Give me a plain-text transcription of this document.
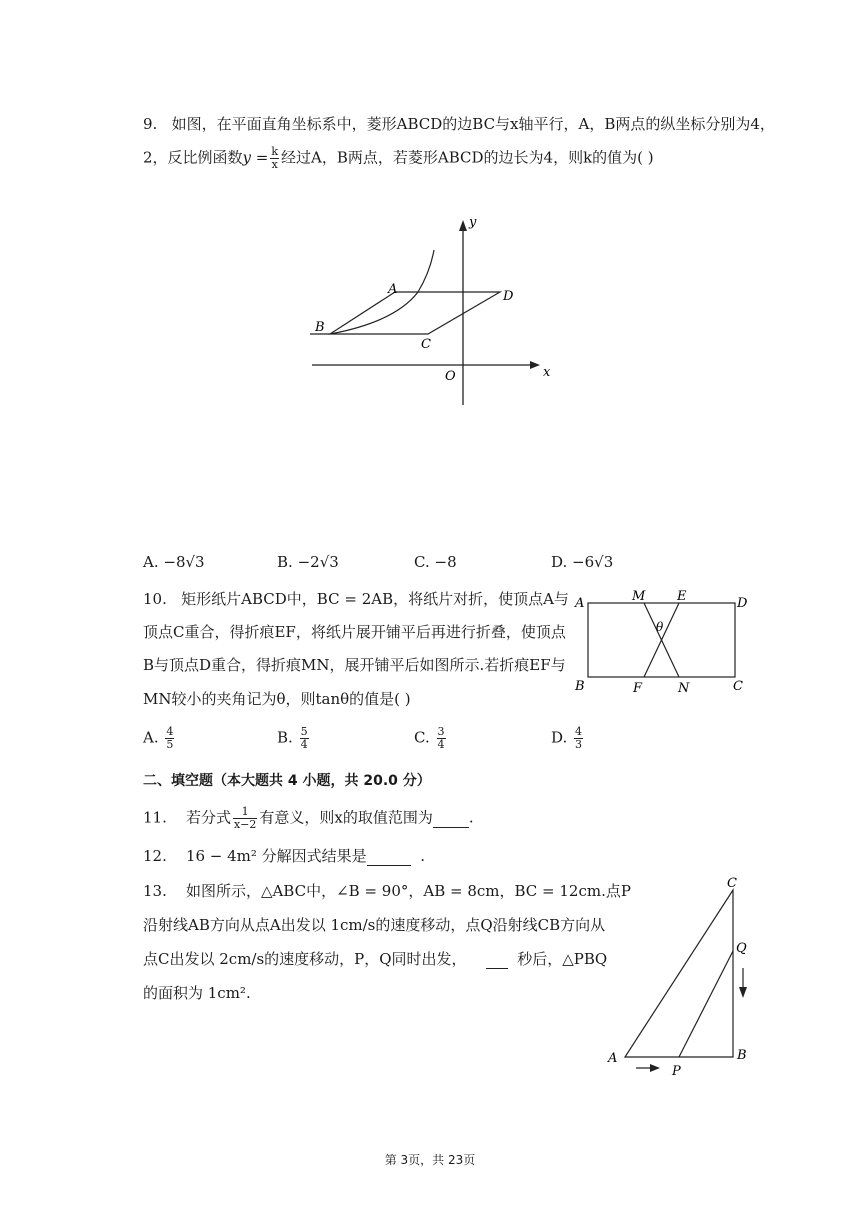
9. 如图，在平面直角坐标系中，菱形ABCD的边BC与x轴平行，A，B两点的纵坐标分别为4，
2，反比例函数$y = \frac{k}{x}$ 经过A，B两点，若菱形ABCD的边长为4，则k的值为( )
y
x
O
A
B
C
D
A. −8√3	B. −2√3	C. −8	D. −6√3
10. 矩形纸片ABCD中，BC = 2AB，将纸片对折，使顶点A与
顶点C重合，得折痕EF，将纸片展开铺平后再进行折叠，使顶点
B与顶点D重合，得折痕MN，展开铺平后如图所示.若折痕EF与
MN较小的夹角记为θ，则tanθ的值是( )
A	M E	D
B	F	N	C
θ
A. $\frac{4}{5}$	B. $\frac{5}{4}$	C. $\frac{3}{4}$	D. $\frac{4}{3}$
二、填空题（本大题共 4 小题，共 20.0 分）
11. 若分式 $\frac{1}{x-2}$ 有意义，则x的取值范围为 .
12. 16 − 4m² 分解因式结果是	.
13. 如图所示，△ABC中，∠B = 90°，AB = 8cm，BC = 12cm.点P
沿射线AB方向从点A出发以 1cm/s的速度移动，点Q沿射线CB方向从
点C出发以 2cm/s的速度移动，P，Q同时出发，	秒后，△PBQ
的面积为 1cm².
C
Q
A
P
B
第 3页，共 23页
